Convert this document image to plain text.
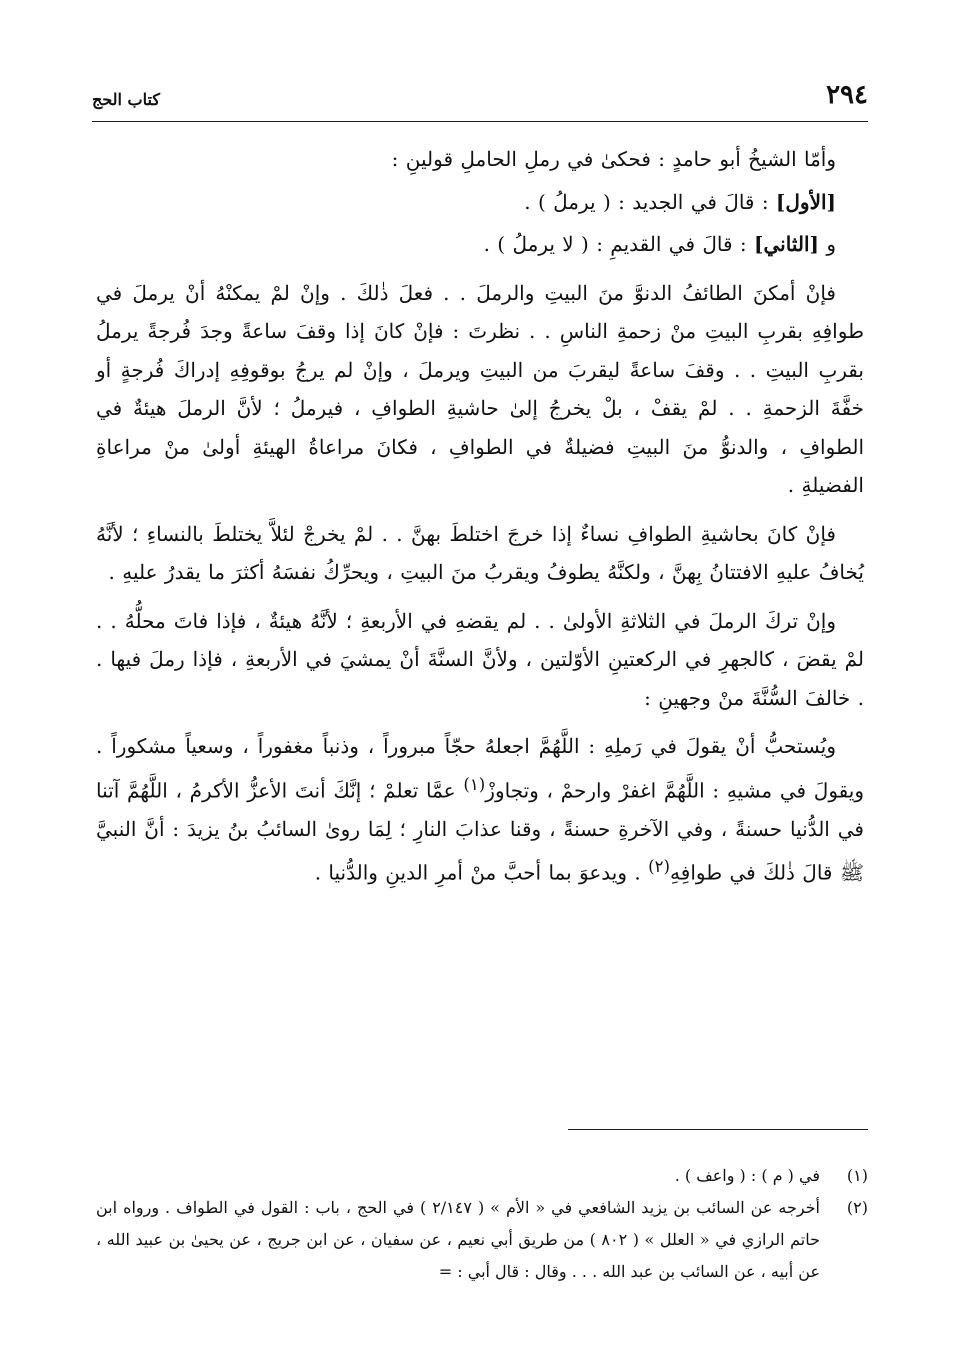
٢٩٤
كتاب الحج

وأمّا الشيخُ أبو حامدٍ : فحكىٰ في رملِ الحاملِ قولينِ :

[الأول] : قالَ في الجديد : ( يرملُ ) .

و [الثاني] : قالَ في القديمِ : ( لا يرملُ ) .

فإنْ أمكنَ الطائفُ الدنوَّ منَ البيتِ والرملَ . . فعلَ ذٰلكَ . وإنْ لمْ يمكنْهُ أنْ يرملَ في طوافِهِ بقربِ البيتِ منْ زحمةِ الناسِ . . نظرتَ : فإنْ كانَ إذا وقفَ ساعةً وجدَ فُرجةً يرملُ بقربِ البيتِ . . وقفَ ساعةً ليقربَ من البيتِ ويرملَ ، وإنْ لم يرجُ بوقوفِهِ إدراكَ فُرجةٍ أو خفَّةَ الزحمةِ . . لمْ يقفْ ، بلْ يخرجُ إلىٰ حاشيةِ الطوافِ ، فيرملُ ؛ لأنَّ الرملَ هيئةٌ في الطوافِ ، والدنوُّ منَ البيتِ فضيلةٌ في الطوافِ ، فكانَ مراعاةُ الهيئةِ أولىٰ منْ مراعاةِ الفضيلةِ .

فإنْ كانَ بحاشيةِ الطوافِ نساءٌ إذا خرجَ اختلطَ بهنَّ . . لمْ يخرجْ لئلاَّ يختلطَ بالنساءِ ؛ لأنَّهُ يُخافُ عليهِ الافتتانُ بِهنَّ ، ولكنَّهُ يطوفُ ويقربُ منَ البيتِ ، ويحرِّكُ نفسَهُ أكثرَ ما يقدرُ عليهِ .

وإنْ تركَ الرملَ في الثلاثةِ الأولىٰ . . لم يقضهِ في الأربعةِ ؛ لأنَّهُ هيئةٌ ، فإذا فاتَ محلُّهُ . . لمْ يقضَ ، كالجهرِ في الركعتينِ الأوّلتين ، ولأنَّ السنَّةَ أنْ يمشيَ في الأربعةِ ، فإذا رملَ فيها . . خالفَ السُّنَّةَ منْ وجهينِ :

ويُستحبُّ أنْ يقولَ في رَملِهِ : اللَّهُمَّ اجعلهُ حجّاً مبروراً ، وذنباً مغفوراً ، وسعياً مشكوراً . ويقولَ في مشيهِ : اللَّهُمَّ اغفرْ وارحمْ ، وتجاوزْ$^{(١)}$ عمَّا تعلمْ ؛ إنَّكَ أنتَ الأعزُّ الأكرمُ ، اللَّهُمَّ آتنا في الدُّنيا حسنةً ، وفي الآخرةِ حسنةً ، وقنا عذابَ النارِ ؛ لِمَا روىٰ السائبُ بنُ يزيدَ : أنَّ النبيَّ ﷺ قالَ ذٰلكَ في طوافِهِ$^{(٢)}$ . ويدعوَ بما أحبَّ منْ أمرِ الدينِ والدُّنيا .

(١)
في ( م ) : ( واعف ) .

(٢)
أخرجه عن السائب بن يزيد الشافعي في « الأم » ( ٢/١٤٧ ) في الحج ، باب : القول في الطواف . ورواه ابن حاتم الرازي في « العلل » ( ٨٠٢ ) من طريق أبي نعيم ، عن سفيان ، عن ابن جريج ، عن يحيىٰ بن عبيد الله ، عن أبيه ، عن السائب بن عبد الله . . . وقال : قال أبي : =
